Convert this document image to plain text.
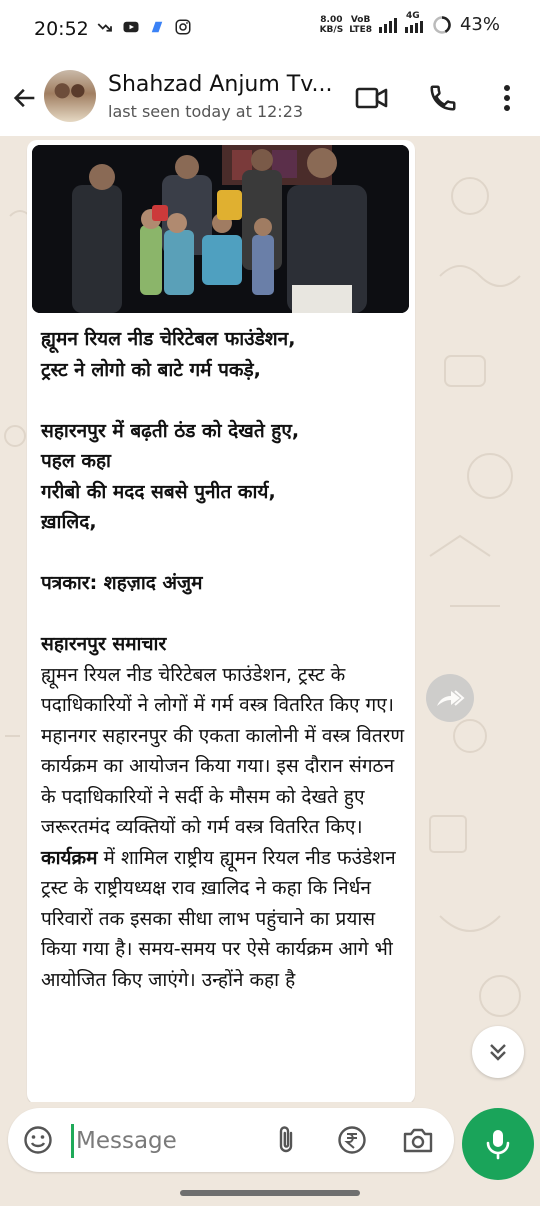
20:52	8.00
KB/S
VoB
LTE8
4G 43%
Shahzad Anjum Tv...
last seen today at 12:23
ह्यूमन रियल नीड चेरिटेबल फाउंडेशन,
ट्रस्ट ने लोगो को बाटे गर्म पकड़े,
सहारनपुर में बढ़ती ठंड को देखते हुए,
पहल कहा
गरीबो की मदद सबसे पुनीत कार्य,
ख़ालिद,
पत्रकार: शहज़ाद अंजुम
सहारनपुर समाचार
ह्यूमन रियल नीड चेरिटेबल फाउंडेशन, ट्रस्ट के पदाधिकारियों ने लोगों में गर्म वस्त्र वितरित किए गए।  महानगर सहारनपुर की एकता कालोनी में वस्त्र वितरण कार्यक्रम का आयोजन किया गया। इस दौरान संगठन के पदाधिकारियों ने सर्दी के मौसम को देखते हुए जरूरतमंद व्यक्तियों को गर्म वस्त्र वितरित किए।
कार्यक्रम में शामिल राष्ट्रीय ह्यूमन रियल नीड फउंडेशन ट्रस्ट के राष्ट्रीयध्यक्ष राव ख़ालिद ने कहा कि निर्धन परिवारों तक इसका सीधा लाभ पहुंचाने का प्रयास किया गया है। समय-समय पर ऐसे कार्यक्रम आगे भी आयोजित किए जाएंगे। उन्होंने कहा है
Message
